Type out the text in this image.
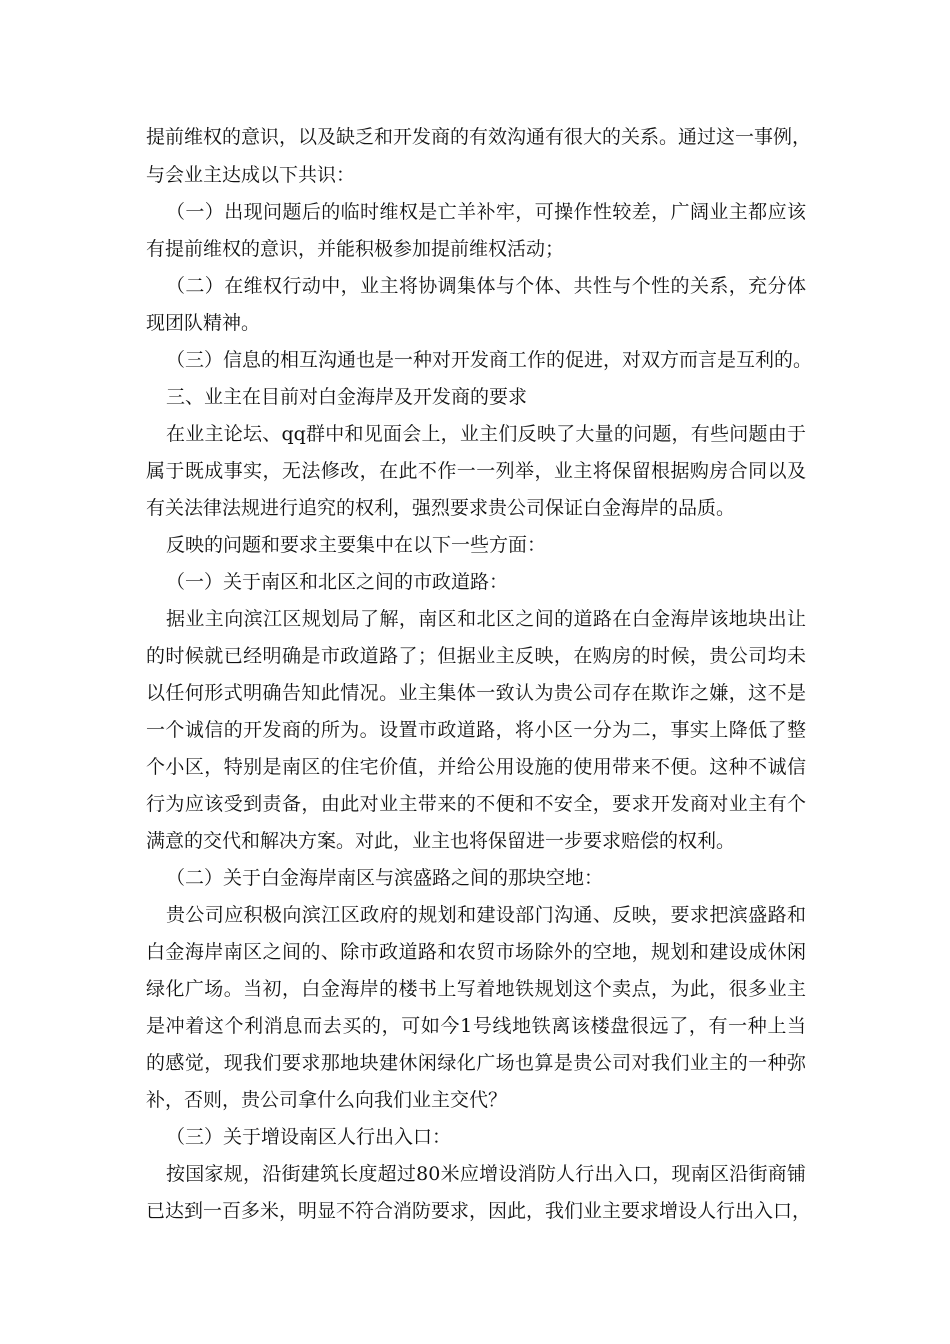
提前维权的意识，以及缺乏和开发商的有效沟通有很大的关系。通过这一事例，
与会业主达成以下共识：
（一）出现问题后的临时维权是亡羊补牢，可操作性较差，广阔业主都应该
有提前维权的意识，并能积极参加提前维权活动；
（二）在维权行动中，业主将协调集体与个体、共性与个性的关系，充分体
现团队精神。
（三）信息的相互沟通也是一种对开发商工作的促进，对双方而言是互利的。
三、业主在目前对白金海岸及开发商的要求
在业主论坛、qq群中和见面会上，业主们反映了大量的问题，有些问题由于
属于既成事实，无法修改，在此不作一一列举，业主将保留根据购房合同以及
有关法律法规进行追究的权利，强烈要求贵公司保证白金海岸的品质。
反映的问题和要求主要集中在以下一些方面：
（一）关于南区和北区之间的市政道路：
据业主向滨江区规划局了解，南区和北区之间的道路在白金海岸该地块出让
的时候就已经明确是市政道路了；但据业主反映，在购房的时候，贵公司均未
以任何形式明确告知此情况。业主集体一致认为贵公司存在欺诈之嫌，这不是
一个诚信的开发商的所为。设置市政道路，将小区一分为二，事实上降低了整
个小区，特别是南区的住宅价值，并给公用设施的使用带来不便。这种不诚信
行为应该受到责备，由此对业主带来的不便和不安全，要求开发商对业主有个
满意的交代和解决方案。对此，业主也将保留进一步要求赔偿的权利。
（二）关于白金海岸南区与滨盛路之间的那块空地：
贵公司应积极向滨江区政府的规划和建设部门沟通、反映，要求把滨盛路和
白金海岸南区之间的、除市政道路和农贸市场除外的空地，规划和建设成休闲
绿化广场。当初，白金海岸的楼书上写着地铁规划这个卖点，为此，很多业主
是冲着这个利消息而去买的，可如今1号线地铁离该楼盘很远了，有一种上当
的感觉，现我们要求那地块建休闲绿化广场也算是贵公司对我们业主的一种弥
补，否则，贵公司拿什么向我们业主交代？
（三）关于增设南区人行出入口：
按国家规，沿街建筑长度超过80米应增设消防人行出入口，现南区沿街商铺
已达到一百多米，明显不符合消防要求，因此，我们业主要求增设人行出入口，
